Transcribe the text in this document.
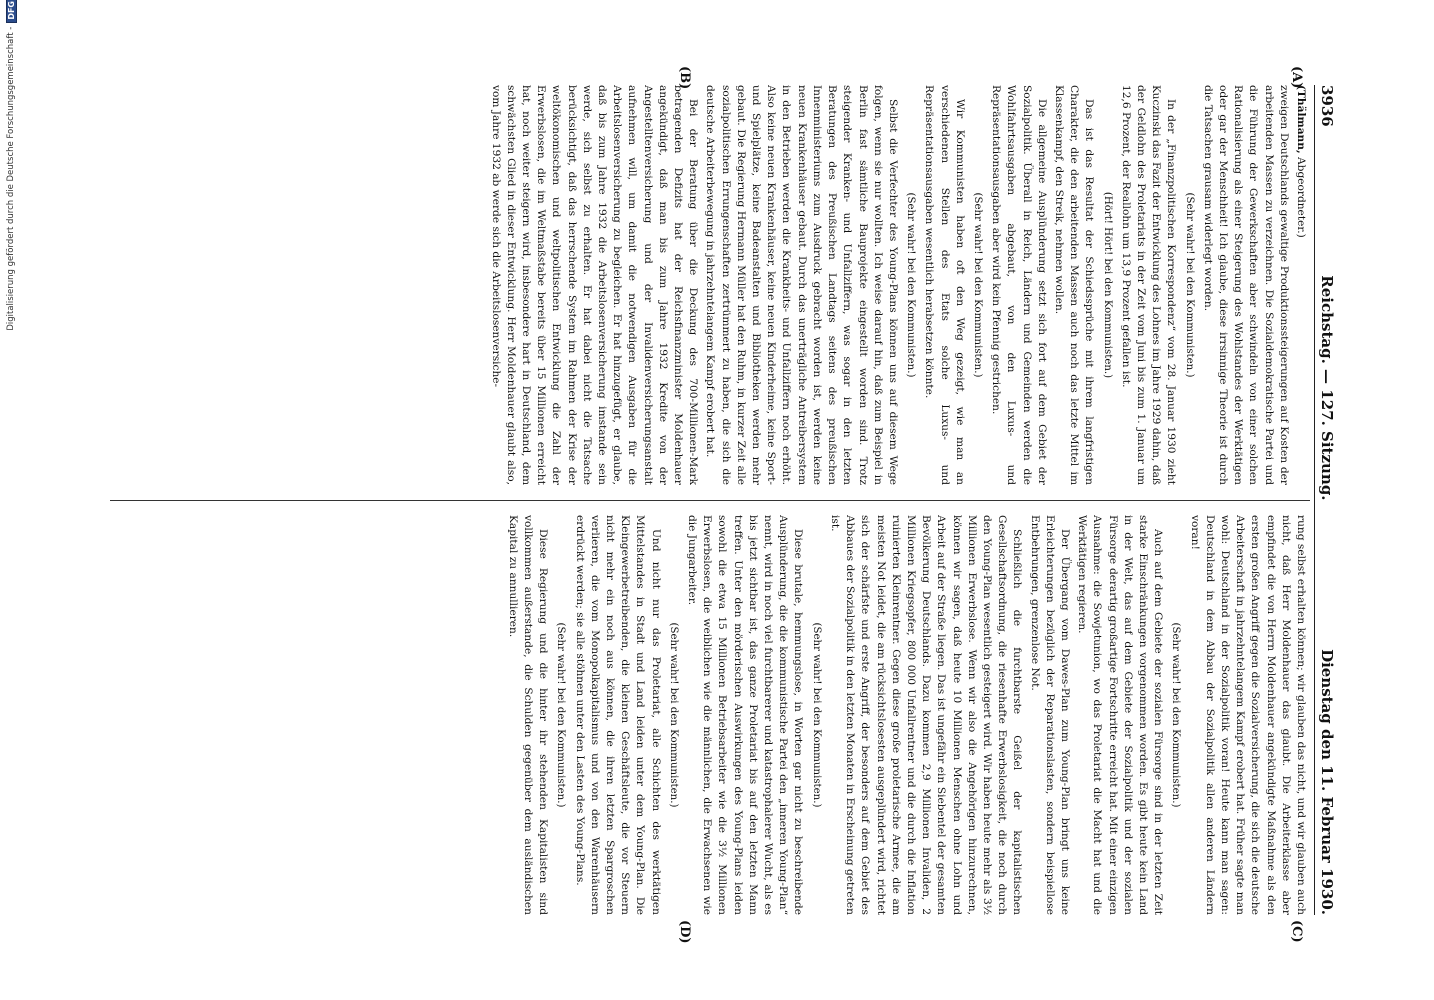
Digitalisierung gefördert durch die Deutsche Forschungsgemeinschaft -
DFG
3936
Reichstag. — 127. Sitzung.
Dienstag den 11. Februar 1930.
(A)
(B)
(C)
(D)

(Thälmann, Abgeordneter.)

zweigen Deutschlands gewaltige Produktionssteigerungen auf Kosten der arbeitenden Massen zu verzeichnen. Die Sozialdemokratische Partei und die Führung der Gewerkschaften aber schwindeln von einer solchen Rationalisierung als einer Steigerung des Wohlstandes der Werktätigen oder gar der Menschheit! Ich glaube, diese irrsinnige Theorie ist durch die Tatsachen grausam widerlegt worden.

(Sehr wahr! bei den Kommunisten.)

In der „Finanzpolitischen Korrespondenz“ vom 28. Januar 1930 zieht Kuczinski das Fazit der Entwicklung des Lohnes im Jahre 1929 dahin, daß der Geldlohn des Proletariats in der Zeit vom Juni bis zum 1. Januar um 12,6 Prozent, der Reallohn um 13,9 Prozent gefallen ist.

(Hört! Hört! bei den Kommunisten.)

Das ist das Resultat der Schiedssprüche mit ihrem langfristigen Charakter, die den arbeitenden Massen auch noch das letzte Mittel im Klassenkampf, den Streik, nehmen wollen.

Die allgemeine Ausplünderung setzt sich fort auf dem Gebiet der Sozialpolitik. Überall in Reich, Ländern und Gemeinden werden die Wohlfahrtsausgaben abgebaut, von den Luxus- und Repräsentationsausgaben aber wird kein Pfennig gestrichen.

(Sehr wahr! bei den Kommunisten.)

Wir Kommunisten haben oft den Weg gezeigt, wie man an verschiedenen Stellen des Etats solche Luxus- und Repräsentationsausgaben wesentlich herabsetzen könnte.

(Sehr wahr! bei den Kommunisten.)

Selbst die Verfechter des Young-Plans können uns auf diesem Wege folgen, wenn sie nur wollten. Ich weise darauf hin, daß zum Beispiel in Berlin fast sämtliche Bauprojekte eingestellt worden sind. Trotz steigender Kranken- und Unfallziffern, was sogar in den letzten Beratungen des Preußischen Landtags seitens des preußischen Innenministeriums zum Ausdruck gebracht worden ist, werden keine neuen Krankenhäuser gebaut. Durch das unerträgliche Antreibersystem in den Betrieben werden die Krankheits- und Unfallziffern noch erhöht. Also keine neuen Krankenhäuser, keine neuen Kinderheime, keine Sport- und Spielplätze, keine Badeanstalten und Bibliotheken werden mehr gebaut. Die Regierung Hermann Müller hat den Ruhm, in kurzer Zeit alle sozialpolitischen Errungenschaften zertrümmert zu haben, die sich die deutsche Arbeiterbewegung in jahrzehntelangem Kampf erobert hat.

Bei der Beratung über die Deckung des 700-Millionen-Mark betragenden Defizits hat der Reichsfinanzminister Moldenhauer angekündigt, daß man bis zum Jahre 1932 Kredite von der Angestelltenversicherung und der Invalidenversicherungsanstalt aufnehmen will, um damit die notwendigen Ausgaben für die Arbeitslosenversicherung zu begleichen. Er hat hinzugefügt, er glaube, daß bis zum Jahre 1932 die Arbeitslosenversicherung imstande sein werde, sich selbst zu erhalten. Er hat dabei nicht die Tatsache berücksichtigt, daß das herrschende System im Rahmen der Krise der weltökonomischen und weltpolitischen Entwicklung die Zahl der Erwerbslosen, die im Weltmaßstabe bereits über 15 Millionen erreicht hat, noch weiter steigern wird, insbesondere hart in Deutschland, dem schwächsten Glied in dieser Entwicklung. Herr Moldenhauer glaubt also, vom Jahre 1932 ab werde sich die Arbeitslosenversiche-

rung selbst erhalten können; wir glauben das nicht, und wir glauben auch nicht, daß Herr Moldenhauer das glaubt. Die Arbeiterklasse aber empfindet die von Herrn Moldenhauer angekündigte Maßnahme als den ersten großen Angriff gegen die Sozialversicherung, die sich die deutsche Arbeiterschaft in jahrzehntelangem Kampf erobert hat. Früher sagte man wohl: Deutschland in der Sozialpolitik voran! Heute kann man sagen: Deutschland in dem Abbau der Sozialpolitik allen anderen Ländern voran!

(Sehr wahr! bei den Kommunisten.)

Auch auf dem Gebiete der sozialen Fürsorge sind in der letzten Zeit starke Einschränkungen vorgenommen worden. Es gibt heute kein Land in der Welt, das auf dem Gebiete der Sozialpolitik und der sozialen Fürsorge derartig großartige Fortschritte erreicht hat. Mit einer einzigen Ausnahme: die Sowjetunion, wo das Proletariat die Macht hat und die Werktätigen regieren.

Der Übergang vom Dawes-Plan zum Young-Plan bringt uns keine Erleichterungen bezüglich der Reparationslasten, sondern beispiellose Entbehrungen, grenzenlose Not.

Schließlich die furchtbarste Geißel der kapitalistischen Gesellschaftsordnung, die riesenhafte Erwerbslosigkeit, die noch durch den Young-Plan wesentlich gesteigert wird. Wir haben heute mehr als 3½ Millionen Erwerbslose. Wenn wir also die Angehörigen hinzurechnen, können wir sagen, daß heute 10 Millionen Menschen ohne Lohn und Arbeit auf der Straße liegen. Das ist ungefähr ein Siebentel der gesamten Bevölkerung Deutschlands. Dazu kommen 2,9 Millionen Invaliden, 2 Millionen Kriegsopfer, 800 000 Unfallrentner und die durch die Inflation ruinierten Kleinrentner. Gegen diese große proletarische Armee, die am meisten Not leidet, die am rücksichtslosesten ausgeplündert wird, richtet sich der schärfste und erste Angriff, der besonders auf dem Gebiet des Abbaues der Sozialpolitik in den letzten Monaten in Erscheinung getreten ist.

(Sehr wahr! bei den Kommunisten.)

Diese brutale, hemmungslose, in Worten gar nicht zu beschreibende Ausplünderung, die die kommunistische Partei den „inneren Young-Plan“ nennt, wird in noch viel furchtbarerer und katastrophalerer Wucht, als es bis jetzt sichtbar ist, das ganze Proletariat bis auf den letzten Mann treffen. Unter den mörderischen Auswirkungen des Young-Plans leiden sowohl die etwa 15 Millionen Betriebsarbeiter wie die 3½ Millionen Erwerbslosen, die weiblichen wie die männlichen, die Erwachsenen wie die Jungarbeiter.

(Sehr wahr! bei den Kommunisten.)

Und nicht nur das Proletariat, alle Schichten des werktätigen Mittelstandes in Stadt und Land leiden unter dem Young-Plan. Die Kleingewerbetreibenden, die kleinen Geschäftsleute, die vor Steuern nicht mehr ein noch aus können, die ihren letzten Spargroschen verlieren, die vom Monopolkapitalismus und von den Warenhäusern erdrückt werden; sie alle stöhnen unter den Lasten des Young-Plans.

(Sehr wahr! bei den Kommunisten.)

Diese Regierung und die hinter ihr stehenden Kapitalisten sind vollkommen außerstande, die Schulden gegenüber dem ausländischen Kapital zu annullieren.
